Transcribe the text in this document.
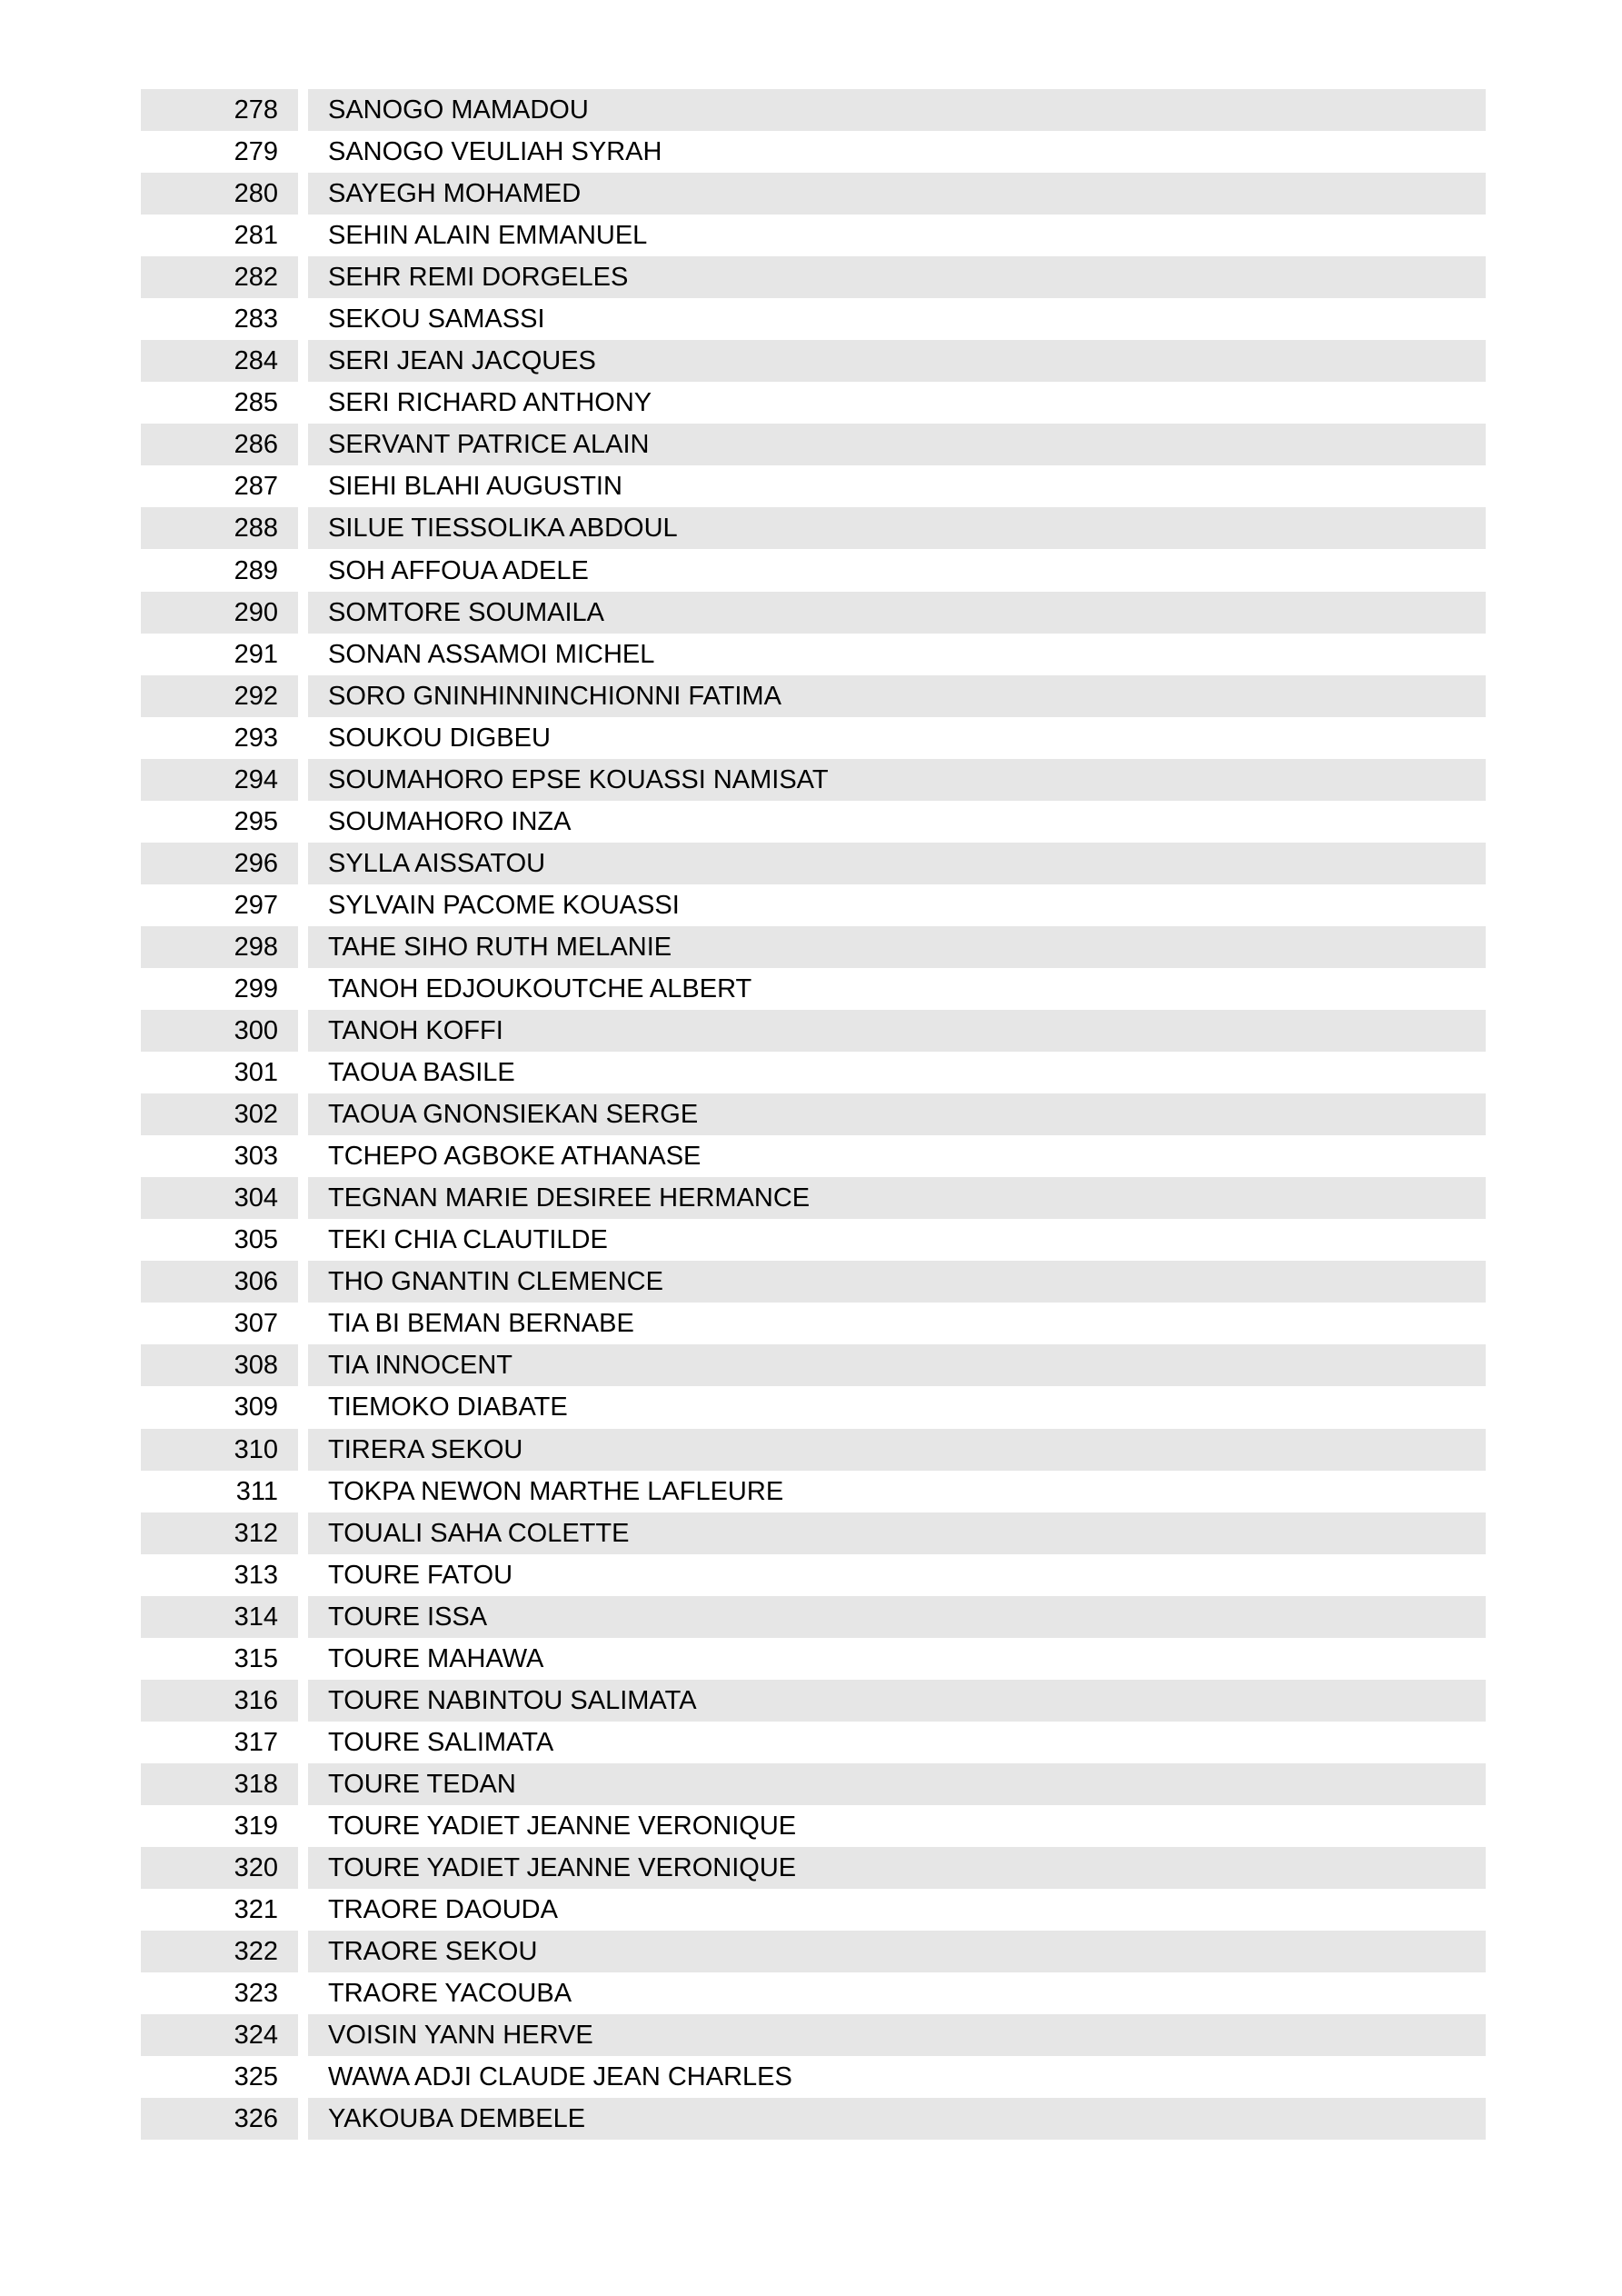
278	SANOGO MAMADOU
279	SANOGO VEULIAH SYRAH
280	SAYEGH MOHAMED
281	SEHIN ALAIN EMMANUEL
282	SEHR REMI DORGELES
283	SEKOU SAMASSI
284	SERI JEAN JACQUES
285	SERI RICHARD ANTHONY
286	SERVANT PATRICE ALAIN
287	SIEHI BLAHI AUGUSTIN
288	SILUE TIESSOLIKA ABDOUL
289	SOH AFFOUA ADELE
290	SOMTORE SOUMAILA
291	SONAN ASSAMOI MICHEL
292	SORO GNINHINNINCHIONNI FATIMA
293	SOUKOU DIGBEU
294	SOUMAHORO EPSE KOUASSI NAMISAT
295	SOUMAHORO INZA
296	SYLLA AISSATOU
297	SYLVAIN PACOME KOUASSI
298	TAHE SIHO RUTH MELANIE
299	TANOH EDJOUKOUTCHE ALBERT
300	TANOH KOFFI
301	TAOUA BASILE
302	TAOUA GNONSIEKAN SERGE
303	TCHEPO AGBOKE ATHANASE
304	TEGNAN MARIE DESIREE HERMANCE
305	TEKI CHIA CLAUTILDE
306	THO GNANTIN CLEMENCE
307	TIA BI BEMAN BERNABE
308	TIA INNOCENT
309	TIEMOKO DIABATE
310	TIRERA SEKOU
311	TOKPA NEWON MARTHE LAFLEURE
312	TOUALI SAHA COLETTE
313	TOURE FATOU
314	TOURE ISSA
315	TOURE MAHAWA
316	TOURE NABINTOU SALIMATA
317	TOURE SALIMATA
318	TOURE TEDAN
319	TOURE YADIET JEANNE VERONIQUE
320	TOURE YADIET JEANNE VERONIQUE
321	TRAORE DAOUDA
322	TRAORE SEKOU
323	TRAORE YACOUBA
324	VOISIN YANN HERVE
325	WAWA ADJI CLAUDE JEAN CHARLES
326	YAKOUBA DEMBELE
